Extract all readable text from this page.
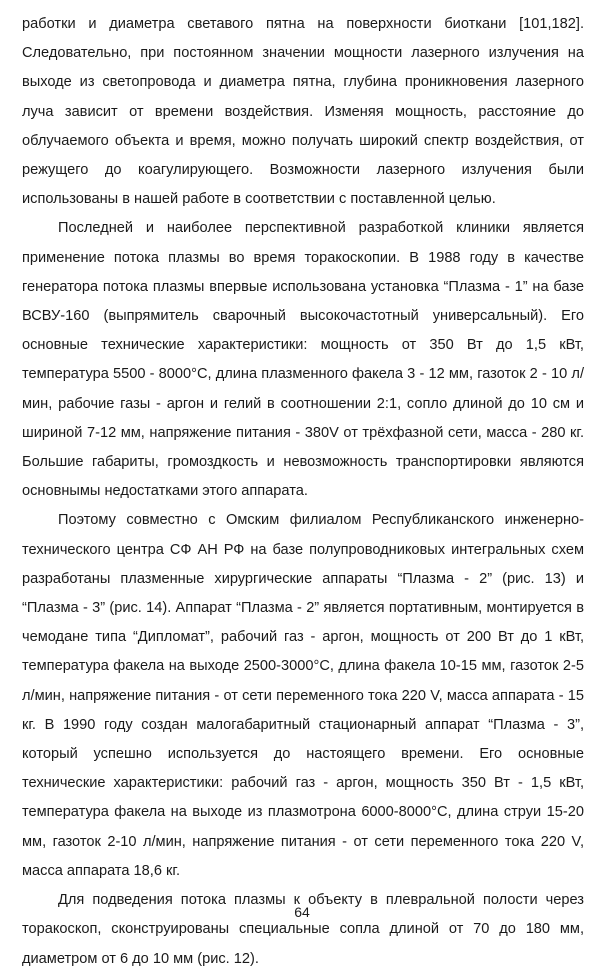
работки и диаметра светавого пятна на поверхности биоткани [101,182]. Следовательно, при постоянном значении мощности лазерного излучения на выходе из светопровода и диаметра пятна, глубина проникновения лазерного луча зависит от времени воздействия. Изменяя мощность, расстояние до облучаемого объекта и время, можно получать широкий спектр воздействия, от режущего до коагулирующего. Возможности лазерного излучения были использованы в нашей работе в соответствии с поставленной целью.

Последней и наиболее перспективной разработкой клиники является применение потока плазмы во время торакоскопии. В 1988 году в качестве генератора потока плазмы впервые использована установка “Плазма - 1” на базе ВСВУ-160 (выпрямитель сварочный высокочастотный универсальный). Его основные технические характеристики: мощность от 350 Вт до 1,5 кВт, температура 5500 - 8000°С, длина плазменного факела 3 - 12 мм, газоток 2 - 10 л/мин, рабочие газы - аргон и гелий в соотношении 2:1, сопло длиной до 10 см и шириной 7-12 мм, напряжение питания - 380V от трёхфазной сети, масса - 280 кг. Большие габариты, громоздкость и невозможность транспортировки являются основнымы недостатками этого аппарата.

Поэтому совместно с Омским филиалом Республиканского инженерно-технического центра СФ АН РФ на базе полупроводниковых интегральных схем разработаны плазменные хирургические аппараты “Плазма - 2” (рис. 13) и “Плазма - 3” (рис. 14). Аппарат “Плазма - 2” является портативным, монтируется в чемодане типа “Дипломат”, рабочий газ - аргон, мощность от 200 Вт до 1 кВт, температура факела на выходе 2500-3000°С, длина факела 10-15 мм, газоток 2-5 л/мин, напряжение питания - от сети переменного тока 220 V, масса аппарата - 15 кг. В 1990 году создан малогабаритный стационарный аппарат “Плазма - 3”, который успешно используется до настоящего времени. Его основные технические характеристики: рабочий газ - аргон, мощность 350 Вт - 1,5 кВт, температура факела на выходе из плазмотрона 6000-8000°С, длина струи 15-20 мм, газоток 2-10 л/мин, напряжение питания - от сети переменного тока 220 V, масса аппарата 18,6 кг.

Для подведения потока плазмы к объекту в плевральной полости через торакоскоп, сконструированы специальные сопла длиной от 70 до 180 мм, диаметром от 6 до 10 мм (рис. 12).

64
